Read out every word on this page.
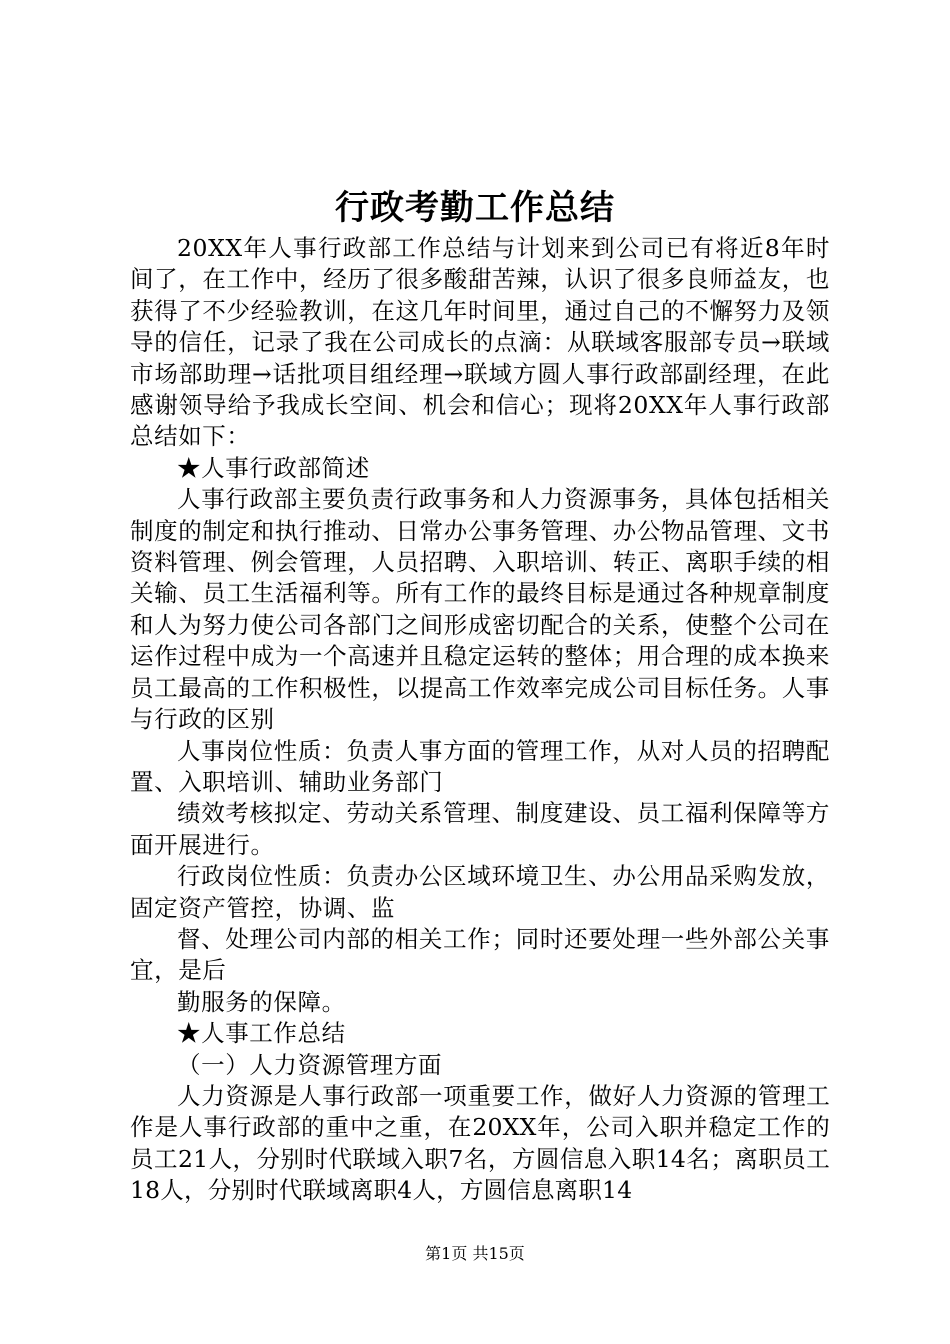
行政考勤工作总结

20XX年人事行政部工作总结与计划来到公司已有将近8年时间了，在工作中，经历了很多酸甜苦辣，认识了很多良师益友，也获得了不少经验教训，在这几年时间里，通过自己的不懈努力及领导的信任，记录了我在公司成长的点滴：从联域客服部专员→联域市场部助理→话批项目组经理→联域方圆人事行政部副经理，在此感谢领导给予我成长空间、机会和信心；现将20XX年人事行政部总结如下：

★人事行政部简述

人事行政部主要负责行政事务和人力资源事务，具体包括相关制度的制定和执行推动、日常办公事务管理、办公物品管理、文书资料管理、例会管理，人员招聘、入职培训、转正、离职手续的相关输、员工生活福利等。所有工作的最终目标是通过各种规章制度和人为努力使公司各部门之间形成密切配合的关系，使整个公司在运作过程中成为一个高速并且稳定运转的整体；用合理的成本换来员工最高的工作积极性，以提高工作效率完成公司目标任务。人事与行政的区别

人事岗位性质：负责人事方面的管理工作，从对人员的招聘配置、入职培训、辅助业务部门

绩效考核拟定、劳动关系管理、制度建设、员工福利保障等方面开展进行。

行政岗位性质：负责办公区域环境卫生、办公用品采购发放，固定资产管控，协调、监

督、处理公司内部的相关工作；同时还要处理一些外部公关事宜，是后

勤服务的保障。

★人事工作总结

（一）人力资源管理方面

人力资源是人事行政部一项重要工作，做好人力资源的管理工作是人事行政部的重中之重，在20XX年，公司入职并稳定工作的员工21人，分别时代联域入职7名，方圆信息入职14名；离职员工18人，分别时代联域离职4人，方圆信息离职14

第1页 共15页
